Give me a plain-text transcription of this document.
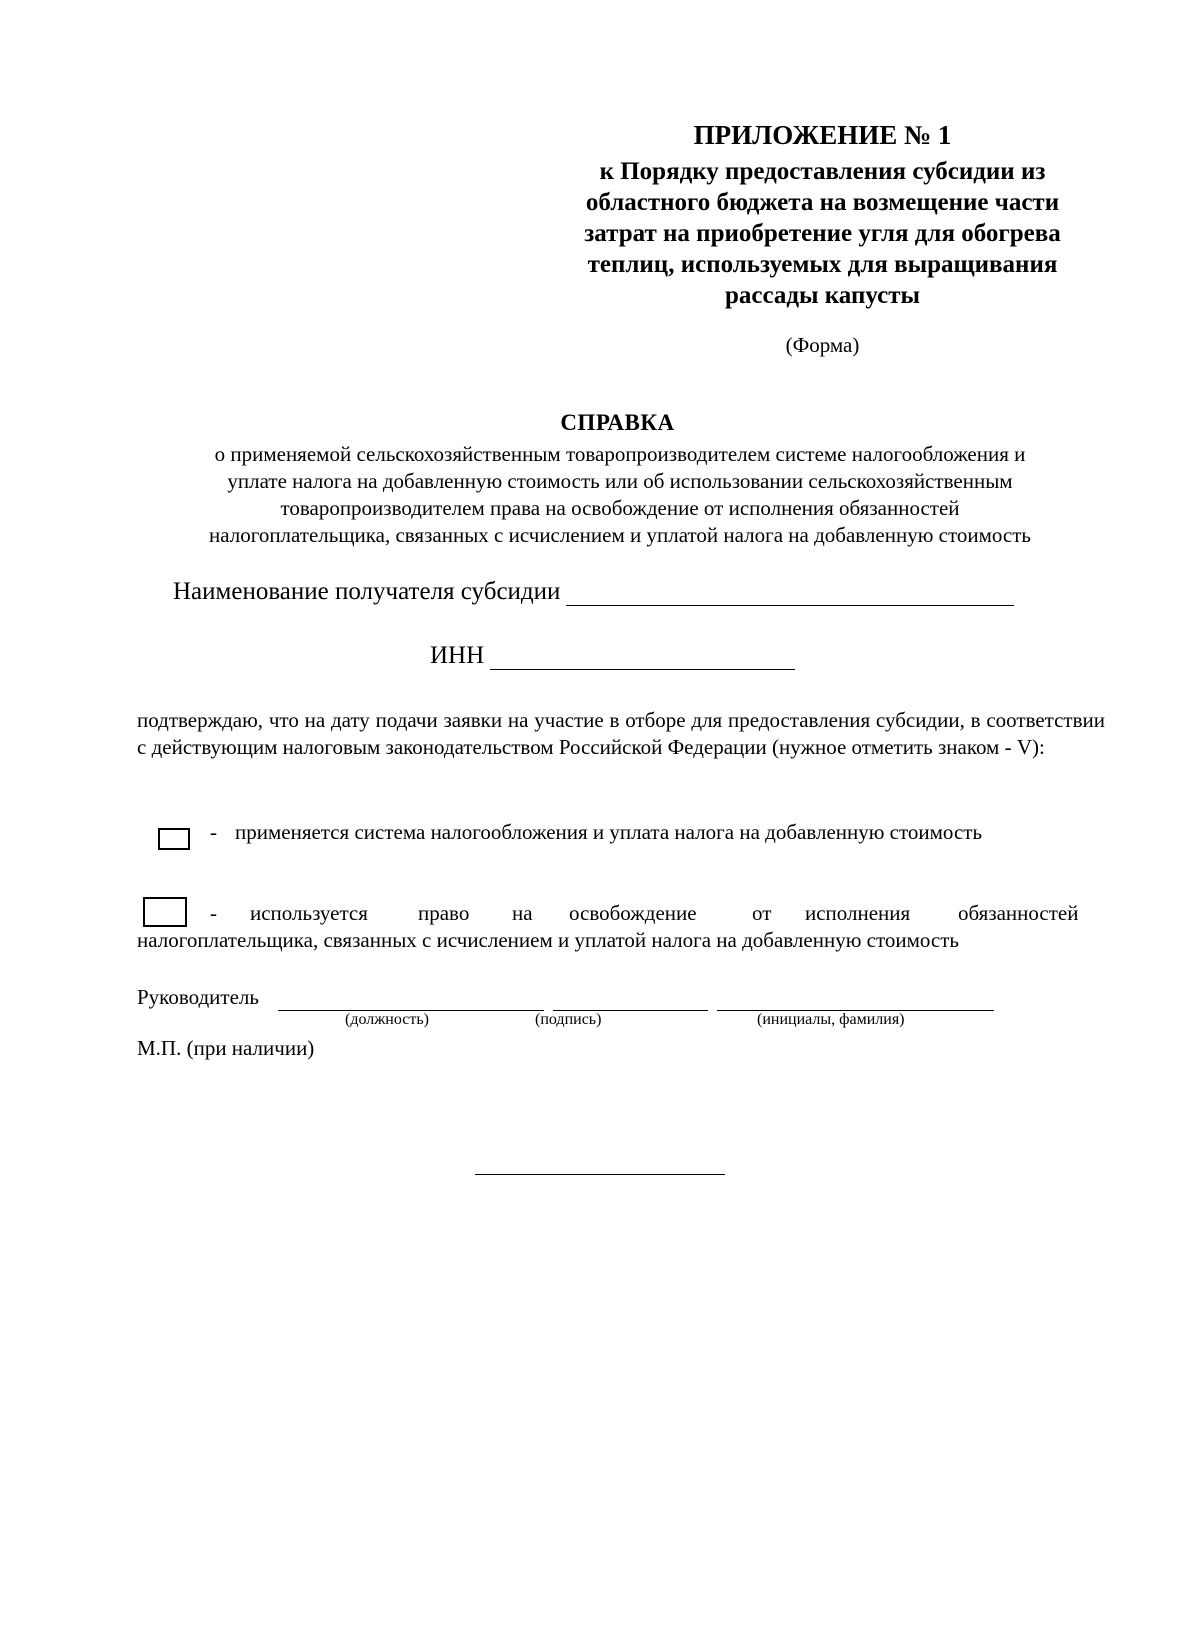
ПРИЛОЖЕНИЕ № 1
к Порядку предоставления субсидии из
областного бюджета на возмещение части
затрат на приобретение угля для обогрева
теплиц, используемых для выращивания
рассады капусты
(Форма)
СПРАВКА
о применяемой сельскохозяйственным товаропроизводителем системе налогообложения и
уплате налога на добавленную стоимость или об использовании сельскохозяйственным
товаропроизводителем права на освобождение от исполнения обязанностей
налогоплательщика, связанных с исчислением и уплатой налога на добавленную стоимость
Наименование получателя субсидии
ИНН
подтверждаю, что на дату подачи заявки на участие в отборе для предоставления субсидии, в соответствии с действующим налоговым законодательством Российской Федерации (нужное отметить знаком - V):
- применяется система налогообложения и уплата налога на добавленную стоимость
- используется право на освобождение	от исполнения обязанностей
налогоплательщика, связанных с исчислением и уплатой налога на добавленную стоимость
Руководитель
(должность)	(подпись)	(инициалы, фамилия)
М.П. (при наличии)
